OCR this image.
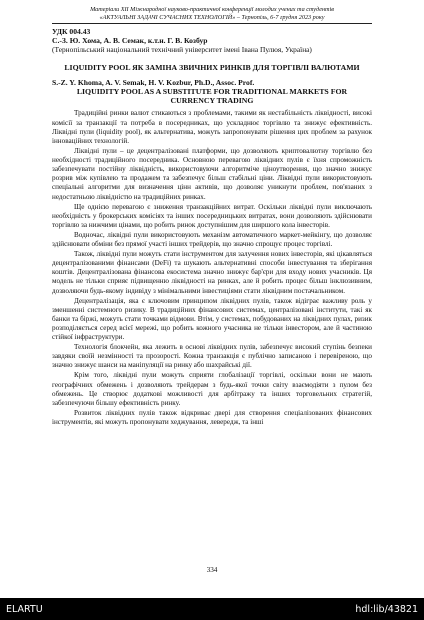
Матеріали XII Міжнародної науково-практичної конференції молодих учених та студентів
«АКТУАЛЬНІ ЗАДАЧІ СУЧАСНИХ ТЕХНОЛОГІЙ» – Тернопіль, 6-7 грудня 2023 року
УДК 004.43
С.-З. Ю. Хома, А. В. Семак, к.т.н. Г. В. Козбур
(Тернопільський національний технічний університет імені Івана Пулюя, Україна)
LIQUIDITY POOL ЯК ЗАМІНА ЗВИЧНИХ РИНКІВ ДЛЯ ТОРГІВЛІ ВАЛЮТАМИ
S.-Z. Y. Khoma, A. V. Semak, H. V. Kozbur, Ph.D., Assoc. Prof.
LIQUIDITY POOL AS A SUBSTITUTE FOR TRADITIONAL MARKETS FOR CURRENCY TRADING

Традиційні ринки валют стикаються з проблемами, такими як нестабільність ліквідності, високі комісії за транзакції та потреба в посередниках, що ускладнює торгівлю та знижує ефективність. Ліквідні пули (liquidity pool), як альтернатива, можуть запропонувати рішення цих проблем за рахунок інноваційних технологій.

Ліквідні пули – це децентралізовані платформи, що дозволяють криптовалютну торгівлю без необхідності традиційного посередника. Основною перевагою ліквідних пулів є їхня спроможність забезпечувати постійну ліквідність, використовуючи алгоритміче ціноутворення, що значно знижує розрив між купівлею та продажем та забезпечує більш стабільні ціни. Ліквідні пули використовують спеціальні алгоритми для визначення цінн активів, що дозволяє уникнути проблем, пов'язаних з недостатньою ліквідністю на традиційних ринках.

Ще однією перевагою є зниження транзакційних витрат. Оскільки ліквідні пули виключають необхідність у брокерських комісіях та інших посередницьких витратах, вони дозволяють здійснювати торгівлю за нижчими цінами, що робить ринок доступнішим для ширшого кола інвесторів.

Водночас, ліквідні пули використовують механізм автоматичного маркет-мейкінгу, що дозволяє здійснювати обміни без прямої участі інших трейдерів, що значно спрощує процес торгівлі.

Також, ліквідні пули можуть стати інструментом для залучення нових інвесторів, які цікавляться децентралізованими фінансами (DeFi) та шукають альтернативні способи інвестування та зберігання коштів. Децентралізована фінансова екосистема значно знижує бар'єри для входу нових учасників. Ця модель не тільки сприяє підвищенню ліквідності на ринках, але й робить процес більш інклюзивним, дозволяючи будь-якому індивіду з мінімальними інвестиціями стати ліквідним постачальником.

Децентралізація, яка є ключовим принципом ліквідних пулів, також відіграє важливу роль у зменшенні системного ризику. В традиційних фінансових системах, централізовані інститути, такі як банки та біржі, можуть стати точками відмови. Втім, у системах, побудованих на ліквідних пулах, ризик розподіляється серед всієї мережі, що робить кожного учасника не тільки інвестором, але й частиною стійкої інфраструктури.

Технологія блокчейн, яка лежить в основі ліквідних пулів, забезпечує високий ступінь безпеки завдяки своїй незмінності та прозорості. Кожна транзакція є публічно записаною і перевіреною, що значно знижує шанси на маніпуляції на ринку або шахрайські дії.

Крім того, ліквідні пули можуть сприяти глобалізації торгівлі, оскільки вони не мають географічних обмежень і дозволяють трейдерам з будь-якої точки світу взаємодіяти з пулом без обмежень. Це створює додаткові можливості для арбітражу та інших торговельних стратегій, забезпечуючи більшу ефективність ринку.

Розвиток ліквідних пулів також відкриває двері для створення спеціалізованих фінансових інструментів, які можуть пропонувати хеджування, левередж, та інші

334
ELARTU	hdl:lib/43821
